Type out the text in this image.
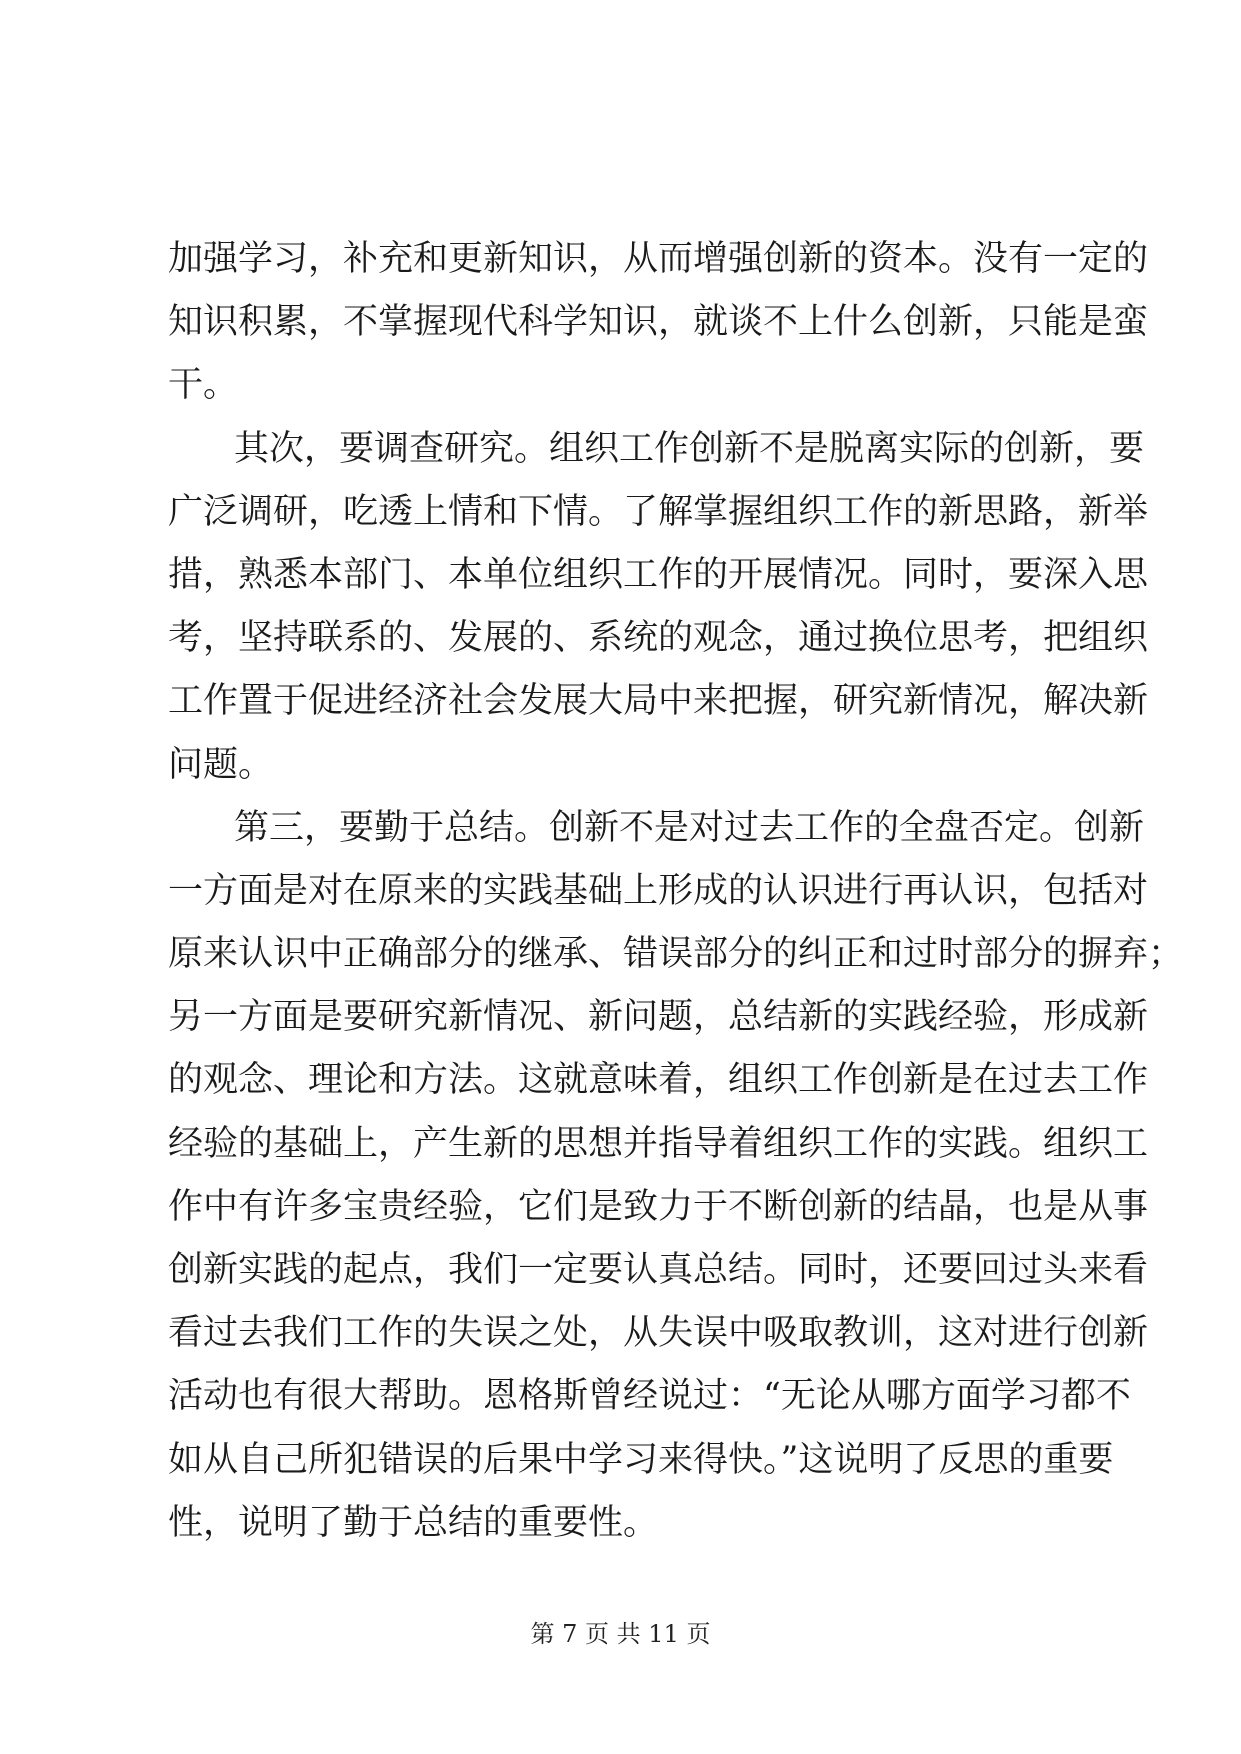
加强学习，补充和更新知识，从而增强创新的资本。没有一定的
知识积累，不掌握现代科学知识，就谈不上什么创新，只能是蛮
干。
其次，要调查研究。组织工作创新不是脱离实际的创新，要
广泛调研，吃透上情和下情。了解掌握组织工作的新思路，新举
措，熟悉本部门、本单位组织工作的开展情况。同时，要深入思
考，坚持联系的、发展的、系统的观念，通过换位思考，把组织
工作置于促进经济社会发展大局中来把握，研究新情况，解决新
问题。
第三，要勤于总结。创新不是对过去工作的全盘否定。创新
一方面是对在原来的实践基础上形成的认识进行再认识，包括对
原来认识中正确部分的继承、错误部分的纠正和过时部分的摒弃；
另一方面是要研究新情况、新问题，总结新的实践经验，形成新
的观念、理论和方法。这就意味着，组织工作创新是在过去工作
经验的基础上，产生新的思想并指导着组织工作的实践。组织工
作中有许多宝贵经验，它们是致力于不断创新的结晶，也是从事
创新实践的起点，我们一定要认真总结。同时，还要回过头来看
看过去我们工作的失误之处，从失误中吸取教训，这对进行创新
活动也有很大帮助。恩格斯曾经说过：“无论从哪方面学习都不
如从自己所犯错误的后果中学习来得快。”这说明了反思的重要
性，说明了勤于总结的重要性。
第 7 页 共 11 页
